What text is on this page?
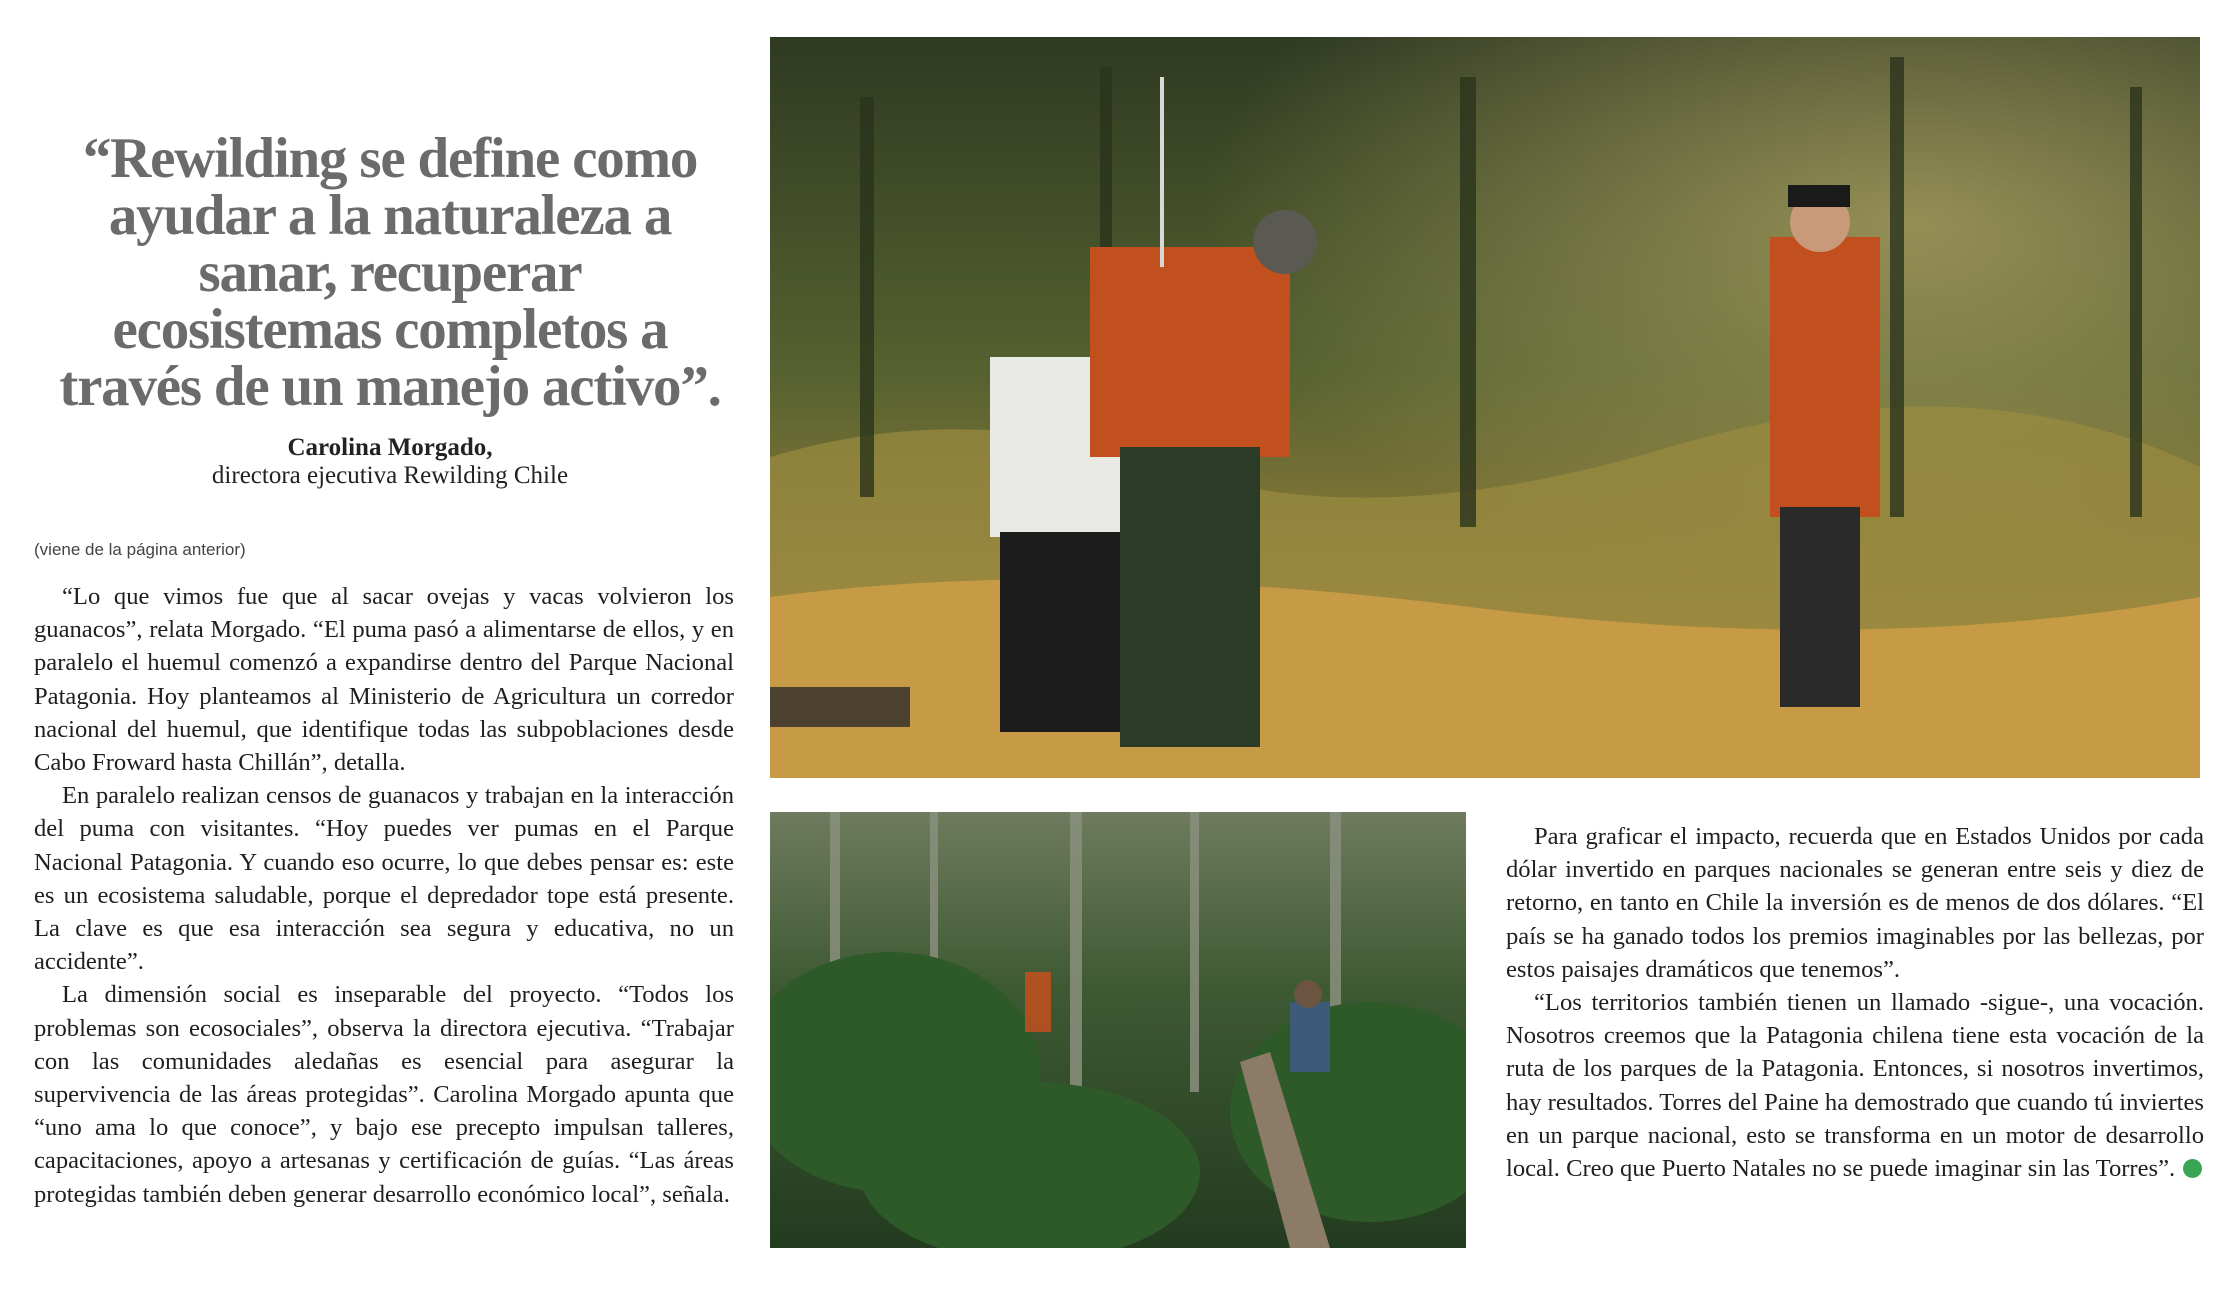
“Rewilding se define como

ayudar a la naturaleza a

sanar, recuperar

ecosistemas completos a

través de un manejo activo”.

Carolina Morgado,
directora ejecutiva Rewilding Chile
(viene de la página anterior)

“Lo que vimos fue que al sacar ovejas y vacas volvieron los guanacos”, relata Morgado. “El puma pasó a alimentarse de ellos, y en paralelo el huemul comenzó a expandirse dentro del Parque Nacional Patagonia. Hoy planteamos al Ministerio de Agricultura un corredor nacional del huemul, que identifique todas las subpoblaciones desde Cabo Froward hasta Chillán”, detalla.

En paralelo realizan censos de guanacos y trabajan en la interacción del puma con visitantes. “Hoy puedes ver pumas en el Parque Nacional Patagonia. Y cuando eso ocurre, lo que debes pensar es: este es un ecosistema saludable, porque el depredador tope está presente. La clave es que esa interacción sea segura y educativa, no un accidente”.

La dimensión social es inseparable del proyecto. “Todos los problemas son ecosociales”, observa la directora ejecutiva. “Trabajar con las comunidades aledañas es esencial para asegurar la supervivencia de las áreas protegidas”. Carolina Morgado apunta que “uno ama lo que conoce”, y bajo ese precepto impulsan talleres, capacitaciones, apoyo a artesanas y certificación de guías. “Las áreas protegidas también deben generar desarrollo económico local”, señala.

Para graficar el impacto, recuerda que en Estados Unidos por cada dólar invertido en parques nacionales se generan entre seis y diez de retorno, en tanto en Chile la inversión es de menos de dos dólares. “El país se ha ganado todos los premios imaginables por las bellezas, por estos paisajes dramáticos que tenemos”.

“Los territorios también tienen un llamado -sigue-, una vocación. Nosotros creemos que la Patagonia chilena tiene esta vocación de la ruta de los parques de la Patagonia. Entonces, si nosotros invertimos, hay resultados. Torres del Paine ha demostrado que cuando tú inviertes en un parque nacional, esto se transforma en un motor de desarrollo local. Creo que Puerto Natales no se puede imaginar sin las Torres”.
